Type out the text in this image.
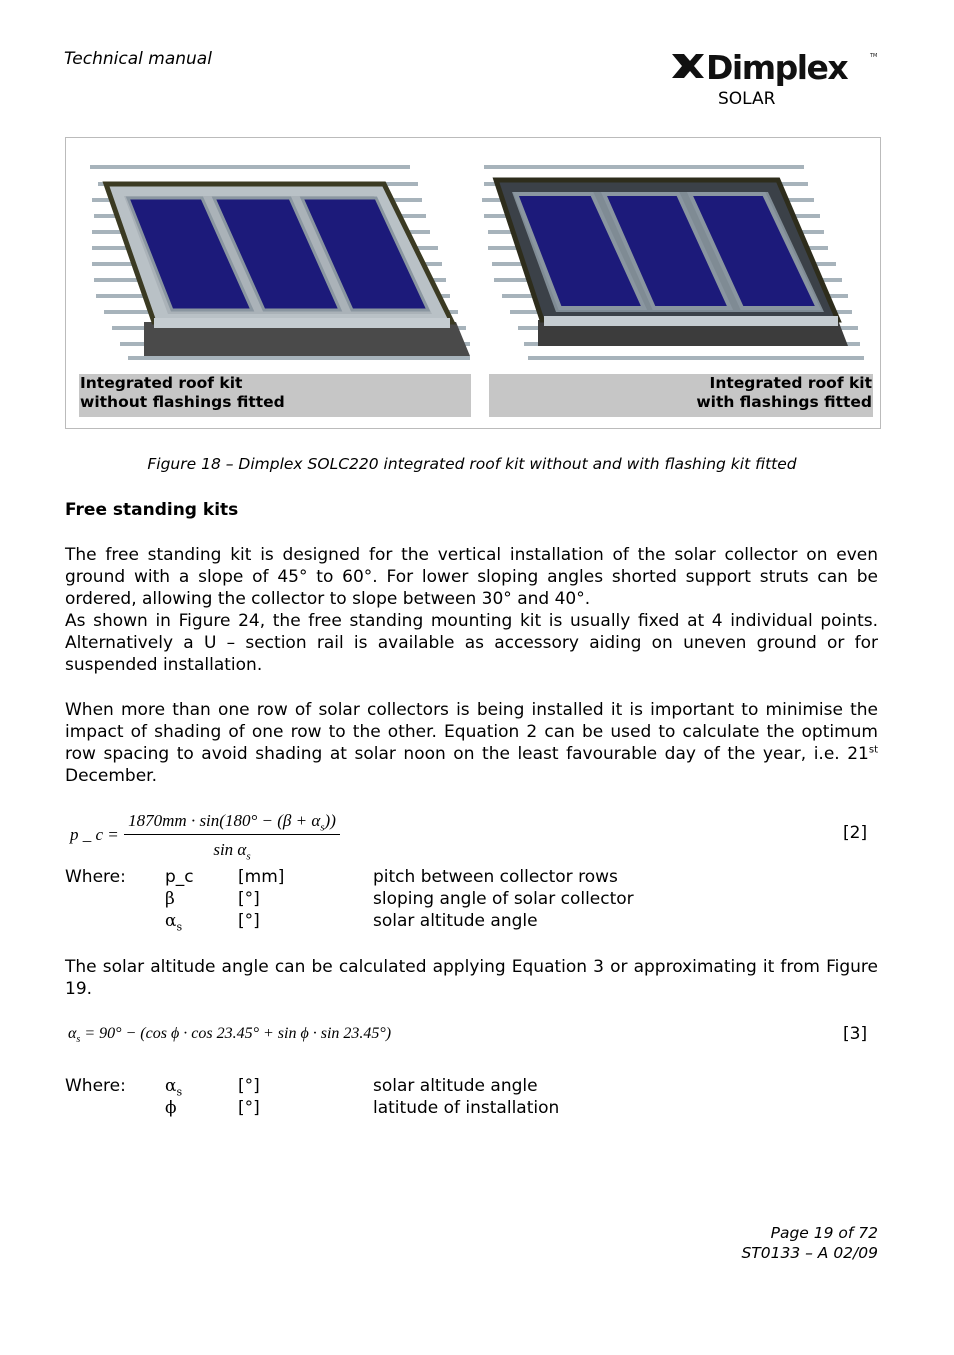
Technical manual	Dimplex	TM
SOLAR
Integrated roof kit
without flashings fitted
Integrated roof kit
with flashings fitted
Figure 18 – Dimplex SOLC220 integrated roof kit without and with flashing kit fitted
Free standing kits
The free standing kit is designed for the vertical installation of the solar collector on even ground with a slope of 45° to 60°. For lower sloping angles shorted support struts can be ordered, allowing the collector to slope between 30° and 40°.
As shown in Figure 24, the free standing mounting kit is usually fixed at 4 individual points. Alternatively a U – section rail is available as accessory aiding on uneven ground or for suspended installation.
When more than one row of solar collectors is being installed it is important to minimise the impact of shading of one row to the other. Equation 2 can be used to calculate the optimum row spacing to avoid shading at solar noon on the least favourable day of the year, i.e. 21st December.
p _ c =
$1870mm \cdot \sin(180^\circ - (\beta + \alpha_s))$
$\sin \alpha_s$
[2]
Where: p_c	[mm]	pitch between collector rows
β	[°]	sloping angle of solar collector
$\alpha_s$	[°]	solar altitude angle
The solar altitude angle can be calculated applying Equation 3 or approximating it from Figure 19.
$\alpha_s = 90^\circ - (\cos$ ϕ · cos 23.45° + sin ϕ · sin 23.45°)	[3]
Where: $\alpha_s$	[°]	solar altitude angle
ϕ	[°]	latitude of installation
Page 19 of 72
ST0133 – A 02/09
